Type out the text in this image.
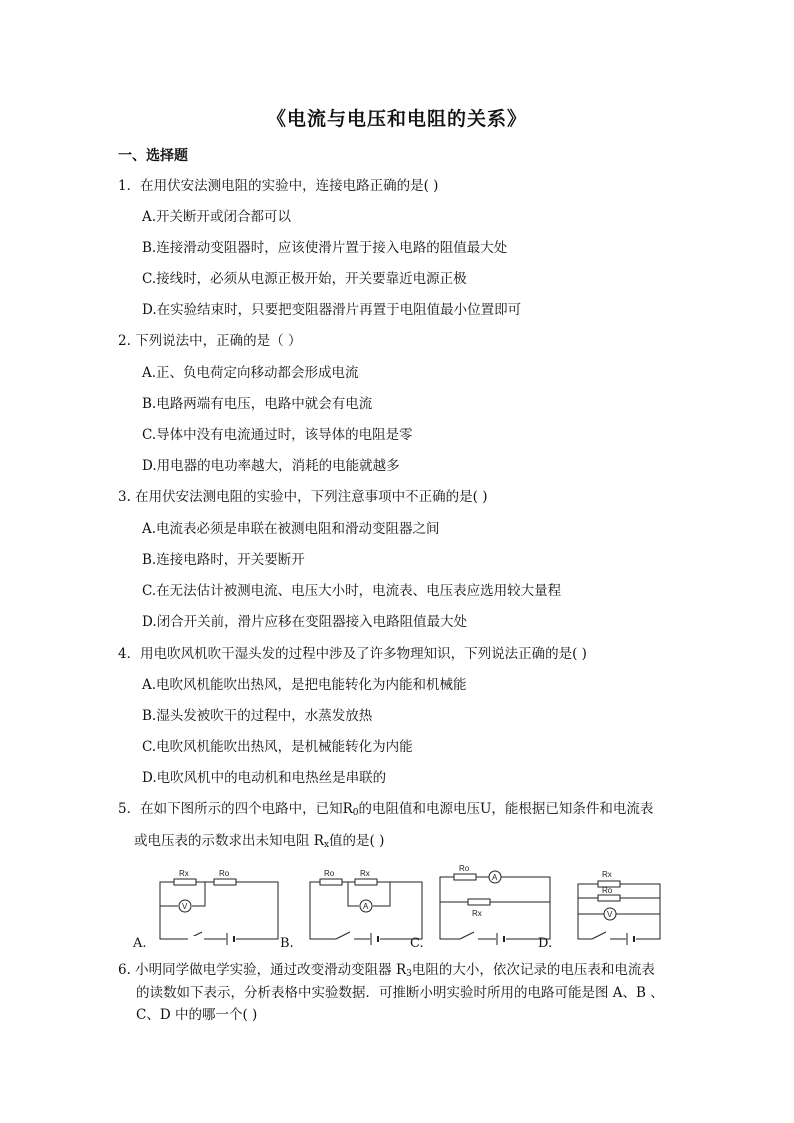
《电流与电压和电阻的关系》
一、选择题
1．在用伏安法测电阻的实验中，连接电路正确的是( )
A.开关断开或闭合都可以
B.连接滑动变阻器时，应该使滑片置于接入电路的阻值最大处
C.接线时，必须从电源正极开始，开关要靠近电源正极
D.在实验结束时，只要把变阻器滑片再置于电阻值最小位置即可
2. 下列说法中，正确的是（ ）
A.正、负电荷定向移动都会形成电流
B.电路两端有电压，电路中就会有电流
C.导体中没有电流通过时，该导体的电阻是零
D.用电器的电功率越大，消耗的电能就越多
3. 在用伏安法测电阻的实验中，下列注意事项中不正确的是( )
A.电流表必须是串联在被测电阻和滑动变阻器之间
B.连接电路时，开关要断开
C.在无法估计被测电流、电压大小时，电流表、电压表应选用较大量程
D.闭合开关前，滑片应移在变阻器接入电路阻值最大处
4．用电吹风机吹干湿头发的过程中涉及了许多物理知识，下列说法正确的是( )
A.电吹风机能吹出热风，是把电能转化为内能和机械能
B.湿头发被吹干的过程中，水蒸发放热
C.电吹风机能吹出热风，是机械能转化为内能
D.电吹风机中的电动机和电热丝是串联的
5．在如下图所示的四个电路中，已知$R_0$的电阻值和电源电压U，能根据已知条件和电流表
或电压表的示数求出未知电阻 $R_x$值的是( )
Rx	Ro
V
Ro	Rx
A
Ro
A
Rx
Rx
Ro
V
A.	B.	C.	D.
6. 小明同学做电学实验，通过改变滑动变阻器 $R_3$电阻的大小，依次记录的电压表和电流表
的读数如下表示，分析表格中实验数据．可推断小明实验时所用的电路可能是图 A、B 、
C、D 中的哪一个( )
